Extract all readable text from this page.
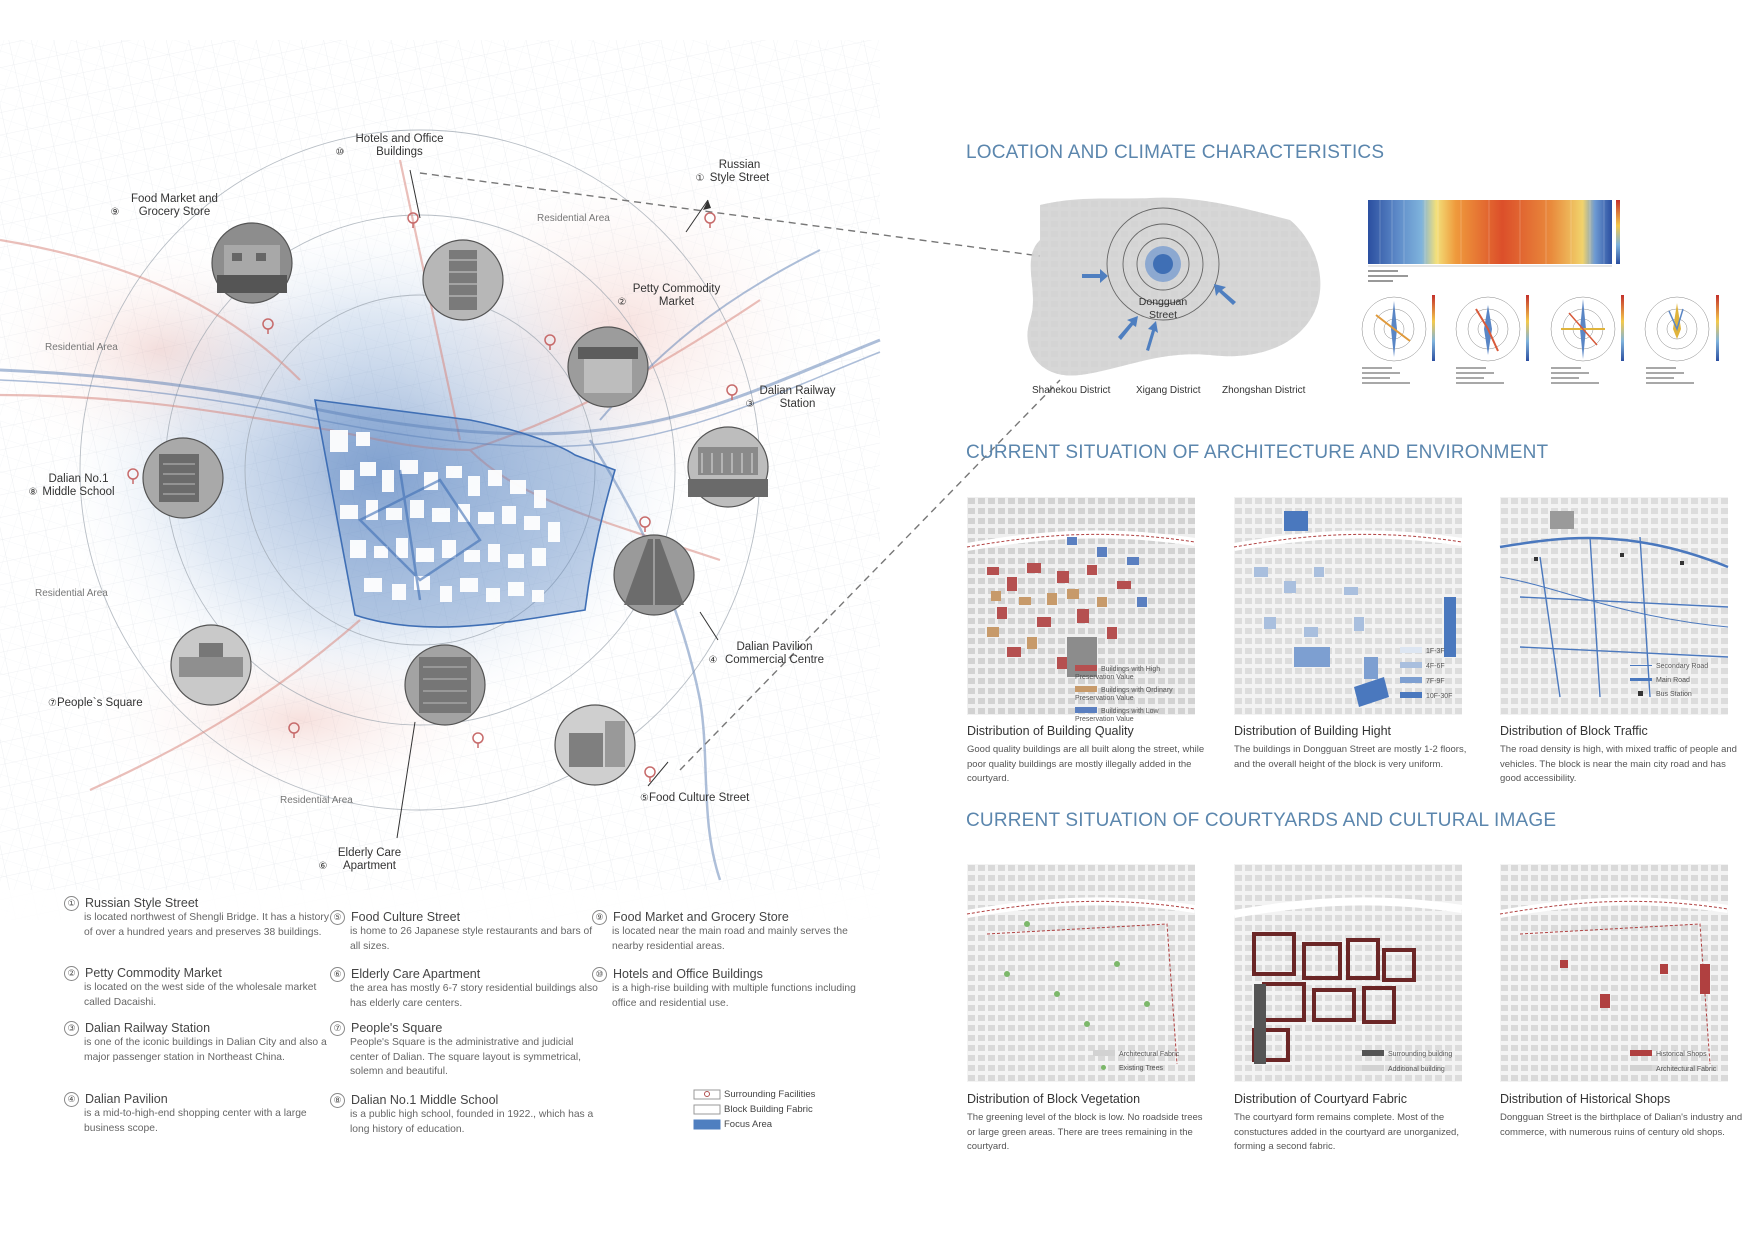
Residential Area
Residential Area
Residential Area
Residential Area
⑩Hotels and Office Buildings
①Russian Style Street
⑨Food Market and Grocery Store
②Petty Commodity Market
③Dalian Railway Station
⑧Dalian No.1 Middle School
④Dalian Pavilion Commercial Centre
⑦People`s Square
⑥Elderly Care Apartment
⑤Food Culture Street
Surrounding Facilities
Block Building Fabric
Focus Area
① Russian Style Street
is located northwest of Shengli Bridge. It has a history of over a hundred years and preserves 38 buildings.
② Petty Commodity Market
is located on the west side of the wholesale market called Dacaishi.
③ Dalian Railway Station
is one of the iconic buildings in Dalian City and also a major passenger station in Northeast China.
④ Dalian Pavilion
is a mid-to-high-end shopping center with a large business scope.
⑤ Food Culture Street
is home to 26 Japanese style restaurants and bars of all sizes.
⑥ Elderly Care Apartment
the area has mostly 6-7 story residential buildings also has elderly care centers.
⑦ People's Square
People's Square is the administrative and judicial center of Dalian. The square layout is symmetrical, solemn and beautiful.
⑧ Dalian No.1 Middle School
is a public high school, founded in 1922., which has a long history of education.
⑨ Food Market and Grocery Store
is located near the main road and mainly serves the nearby residential areas.
⑩ Hotels and Office Buildings
is a high-rise building with multiple functions including office and residential use.
LOCATION AND CLIMATE CHARACTERISTICS
CURRENT SITUATION OF ARCHITECTURE AND ENVIRONMENT
CURRENT SITUATION OF COURTYARDS AND CULTURAL IMAGE
Dongguan Street
Shahekou District	Xigang District Zhongshan District
Buildings with High Preservation Value
Buildings with Ordinary Preservation Value
Buildings with Low Preservation Value
1F-3F
4F-6F
7F-9F
10F-30F
Secondary Road
Main Road
Bus Station
Architectural Fabric
Existing Trees
Surrounding building
Additional building
Historical Shops
Architectural Fabric
Distribution of Building Quality
Good quality buildings are all built along the street, while poor quality buildings are mostly illegally added in the courtyard.
Distribution of Building Hight
The buildings in Dongguan Street are mostly 1-2 floors, and the overall height of the block is very uniform.
Distribution of Block Traffic
The road density is high, with mixed traffic of people and vehicles. The block is near the main city road and has good accessibility.
Distribution of Block Vegetation
The greening level of the block is low. No roadside trees or large green areas. There are trees remaining in the courtyard.
Distribution of Courtyard Fabric
The courtyard form remains complete. Most of the constuctures added in the courtyard are unorganized, forming a second fabric.
Distribution of Historical Shops
Dongguan Street is the birthplace of Dalian's industry and commerce, with numerous ruins of century old shops.
